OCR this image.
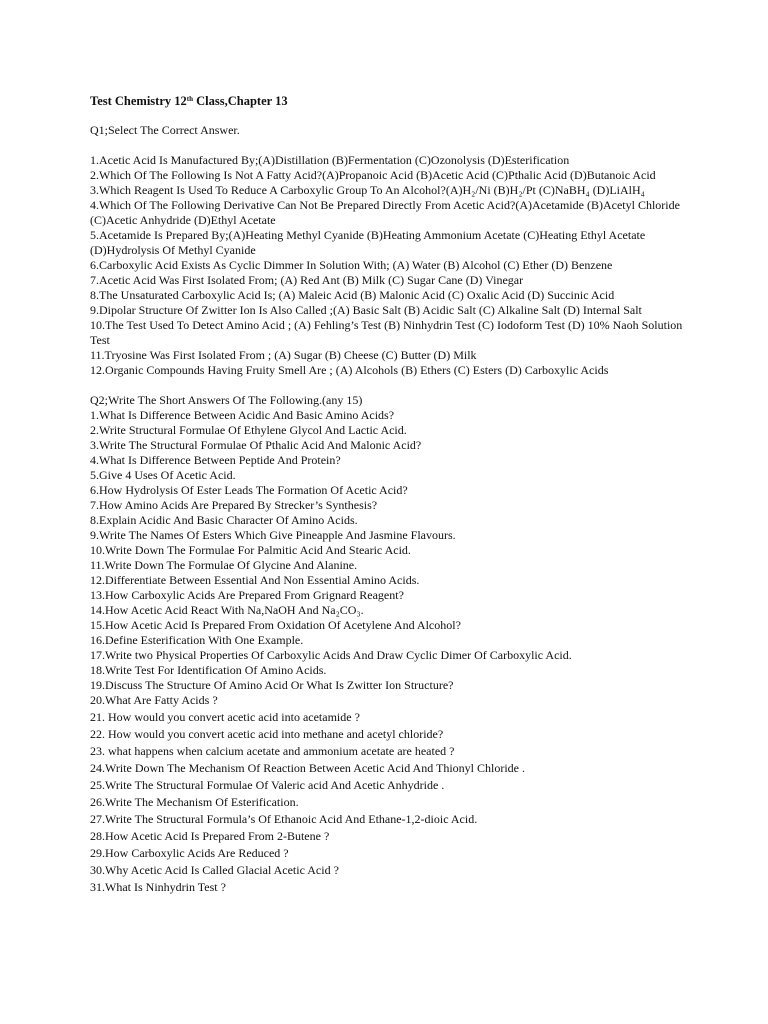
Test Chemistry 12th Class,Chapter 13
Q1;Select The Correct Answer.

1.Acetic Acid Is Manufactured By;(A)Distillation (B)Fermentation (C)Ozonolysis (D)Esterification

2.Which Of The Following Is Not A Fatty Acid?(A)Propanoic Acid (B)Acetic Acid (C)Pthalic Acid (D)Butanoic Acid

3.Which Reagent Is Used To Reduce A Carboxylic Group To An Alcohol?(A)H₂/Ni (B)H₂/Pt (C)NaBH₄ (D)LiAlH₄

4.Which Of The Following Derivative Can Not Be Prepared Directly From Acetic Acid?(A)Acetamide (B)Acetyl Chloride (C)Acetic Anhydride (D)Ethyl Acetate

5.Acetamide Is Prepared By;(A)Heating Methyl Cyanide (B)Heating Ammonium Acetate (C)Heating Ethyl Acetate (D)Hydrolysis Of Methyl Cyanide

6.Carboxylic Acid Exists As Cyclic Dimmer In Solution With; (A) Water (B) Alcohol (C) Ether (D) Benzene

7.Acetic Acid Was First Isolated From; (A) Red Ant (B) Milk (C) Sugar Cane (D) Vinegar

8.The Unsaturated Carboxylic Acid Is; (A) Maleic Acid (B) Malonic Acid (C) Oxalic Acid (D) Succinic Acid

9.Dipolar Structure Of Zwitter Ion Is Also Called ;(A) Basic Salt (B) Acidic Salt (C) Alkaline Salt (D) Internal Salt

10.The Test Used To Detect Amino Acid ; (A) Fehling’s Test (B) Ninhydrin Test (C) Iodoform Test (D) 10% Naoh Solution Test

11.Tryosine Was First Isolated From ; (A) Sugar (B) Cheese (C) Butter (D) Milk

12.Organic Compounds Having Fruity Smell Are ; (A) Alcohols (B) Ethers (C) Esters (D) Carboxylic Acids

Q2;Write The Short Answers Of The Following.(any 15)

1.What Is Difference Between Acidic And Basic Amino Acids?

2.Write Structural Formulae Of Ethylene Glycol And Lactic Acid.

3.Write The Structural Formulae Of Pthalic Acid And Malonic Acid?

4.What Is Difference Between Peptide And Protein?

5.Give 4 Uses Of Acetic Acid.

6.How Hydrolysis Of Ester Leads The Formation Of Acetic Acid?

7.How Amino Acids Are Prepared By Strecker’s Synthesis?

8.Explain Acidic And Basic Character Of Amino Acids.

9.Write The Names Of Esters Which Give Pineapple And Jasmine Flavours.

10.Write Down The Formulae For Palmitic Acid And Stearic Acid.

11.Write Down The Formulae Of Glycine And Alanine.

12.Differentiate Between Essential And Non Essential Amino Acids.

13.How Carboxylic Acids Are Prepared From Grignard Reagent?

14.How Acetic Acid React With Na,NaOH And Na₂CO₃.

15.How Acetic Acid Is Prepared From Oxidation Of Acetylene And Alcohol?

16.Define Esterification With One Example.

17.Write two Physical Properties Of Carboxylic Acids And Draw Cyclic Dimer Of Carboxylic Acid.

18.Write Test For Identification Of Amino Acids.

19.Discuss The Structure Of Amino Acid Or What Is Zwitter Ion Structure?

20.What Are Fatty Acids ?

21. How would you convert acetic acid into acetamide ?

22. How would you convert acetic acid into methane and acetyl chloride?

23. what happens when calcium acetate and ammonium acetate are heated ?

24.Write Down The Mechanism Of Reaction Between Acetic Acid And Thionyl Chloride .

25.Write The Structural Formulae Of Valeric acid And Acetic Anhydride .

26.Write The Mechanism Of Esterification.

27.Write The Structural Formula’s Of Ethanoic Acid And Ethane-1,2-dioic Acid.

28.How Acetic Acid Is Prepared From 2-Butene ?

29.How Carboxylic Acids Are Reduced ?

30.Why Acetic Acid Is Called Glacial Acetic Acid ?

31.What Is Ninhydrin Test ?
